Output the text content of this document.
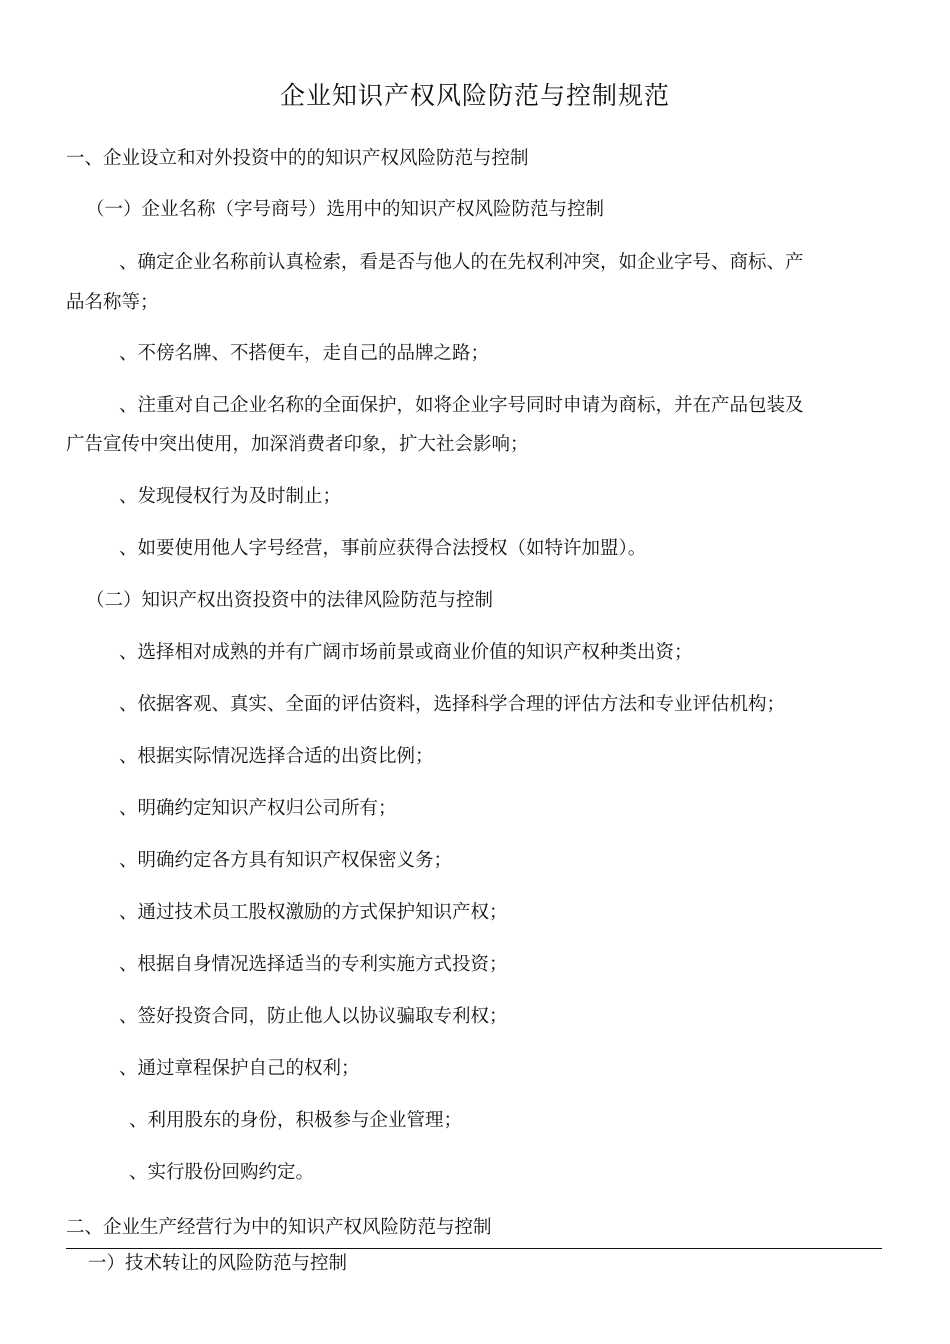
企业知识产权风险防范与控制规范
一、企业设立和对外投资中的的知识产权风险防范与控制
（一）企业名称（字号商号）选用中的知识产权风险防范与控制
、确定企业名称前认真检索，看是否与他人的在先权利冲突，如企业字号、商标、产
品名称等；
、不傍名牌、不搭便车，走自己的品牌之路；
、注重对自己企业名称的全面保护，如将企业字号同时申请为商标，并在产品包装及
广告宣传中突出使用，加深消费者印象，扩大社会影响；
、发现侵权行为及时制止；
、如要使用他人字号经营，事前应获得合法授权（如特许加盟）。
（二）知识产权出资投资中的法律风险防范与控制
、选择相对成熟的并有广阔市场前景或商业价值的知识产权种类出资；
、依据客观、真实、全面的评估资料，选择科学合理的评估方法和专业评估机构；
、根据实际情况选择合适的出资比例；
、明确约定知识产权归公司所有；
、明确约定各方具有知识产权保密义务；
、通过技术员工股权激励的方式保护知识产权；
、根据自身情况选择适当的专利实施方式投资；
、签好投资合同，防止他人以协议骗取专利权；
、通过章程保护自己的权利；
、利用股东的身份，积极参与企业管理；
、实行股份回购约定。
二、企业生产经营行为中的知识产权风险防范与控制
一）技术转让的风险防范与控制
